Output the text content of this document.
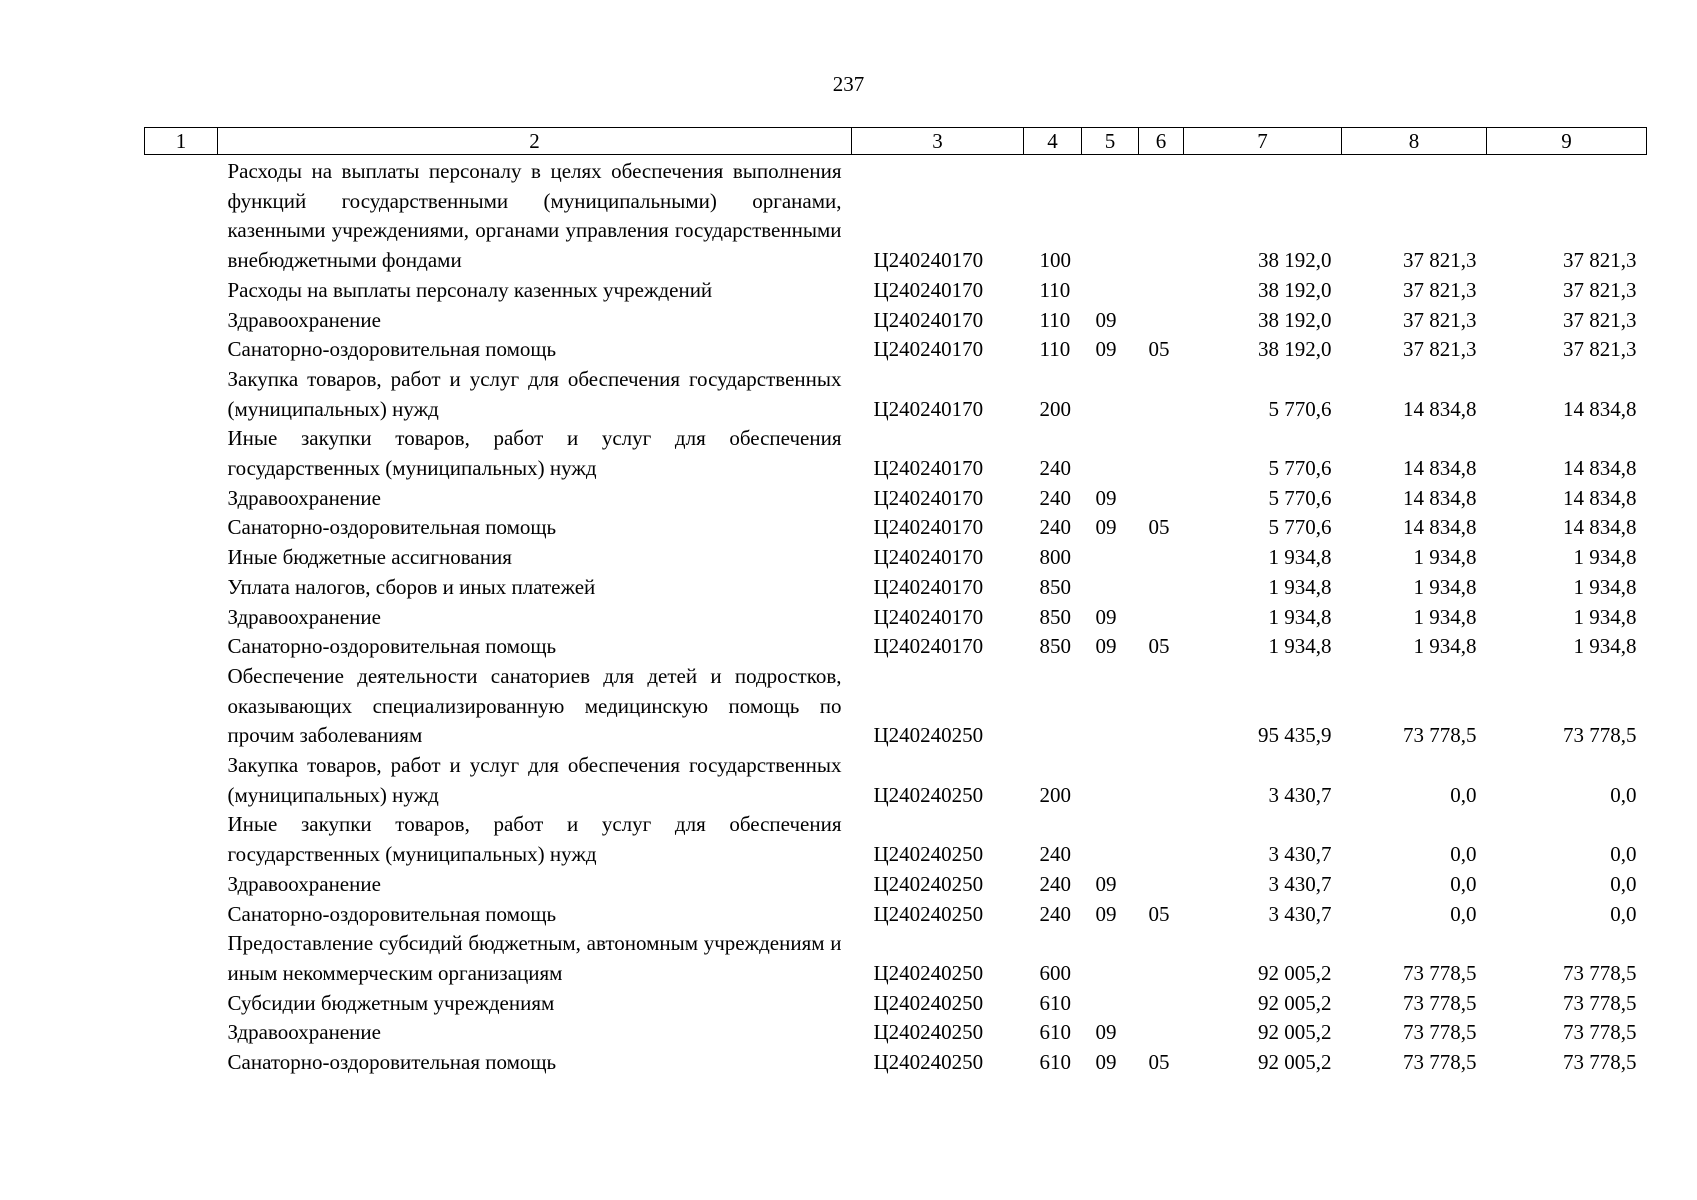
237
1	2	3	4	5	6	7	8	9
	Расходы на выплаты персоналу в целях обеспечения выполнения функций государственными (муниципальными) органами, казенными учреждениями, органами управления государственными внебюджетными фондами	Ц240240170	100			38 192,0	37 821,3	37 821,3
	Расходы на выплаты персоналу казенных учреждений	Ц240240170	110			38 192,0	37 821,3	37 821,3
	Здравоохранение	Ц240240170	110	09		38 192,0	37 821,3	37 821,3
	Санаторно-оздоровительная помощь	Ц240240170	110	09	05	38 192,0	37 821,3	37 821,3
	Закупка товаров, работ и услуг для обеспечения государственных (муниципальных) нужд	Ц240240170	200			5 770,6	14 834,8	14 834,8
	Иные закупки товаров, работ и услуг для обеспечения государственных (муниципальных) нужд	Ц240240170	240			5 770,6	14 834,8	14 834,8
	Здравоохранение	Ц240240170	240	09		5 770,6	14 834,8	14 834,8
	Санаторно-оздоровительная помощь	Ц240240170	240	09	05	5 770,6	14 834,8	14 834,8
	Иные бюджетные ассигнования	Ц240240170	800			1 934,8	1 934,8	1 934,8
	Уплата налогов, сборов и иных платежей	Ц240240170	850			1 934,8	1 934,8	1 934,8
	Здравоохранение	Ц240240170	850	09		1 934,8	1 934,8	1 934,8
	Санаторно-оздоровительная помощь	Ц240240170	850	09	05	1 934,8	1 934,8	1 934,8
	Обеспечение деятельности санаториев для детей и подростков, оказывающих специализированную медицинскую помощь по прочим заболеваниям	Ц240240250				95 435,9	73 778,5	73 778,5
	Закупка товаров, работ и услуг для обеспечения государственных (муниципальных) нужд	Ц240240250	200			3 430,7	0,0	0,0
	Иные закупки товаров, работ и услуг для обеспечения государственных (муниципальных) нужд	Ц240240250	240			3 430,7	0,0	0,0
	Здравоохранение	Ц240240250	240	09		3 430,7	0,0	0,0
	Санаторно-оздоровительная помощь	Ц240240250	240	09	05	3 430,7	0,0	0,0
	Предоставление субсидий бюджетным, автономным учреждениям и иным некоммерческим организациям	Ц240240250	600			92 005,2	73 778,5	73 778,5
	Субсидии бюджетным учреждениям	Ц240240250	610			92 005,2	73 778,5	73 778,5
	Здравоохранение	Ц240240250	610	09		92 005,2	73 778,5	73 778,5
	Санаторно-оздоровительная помощь	Ц240240250	610	09	05	92 005,2	73 778,5	73 778,5
